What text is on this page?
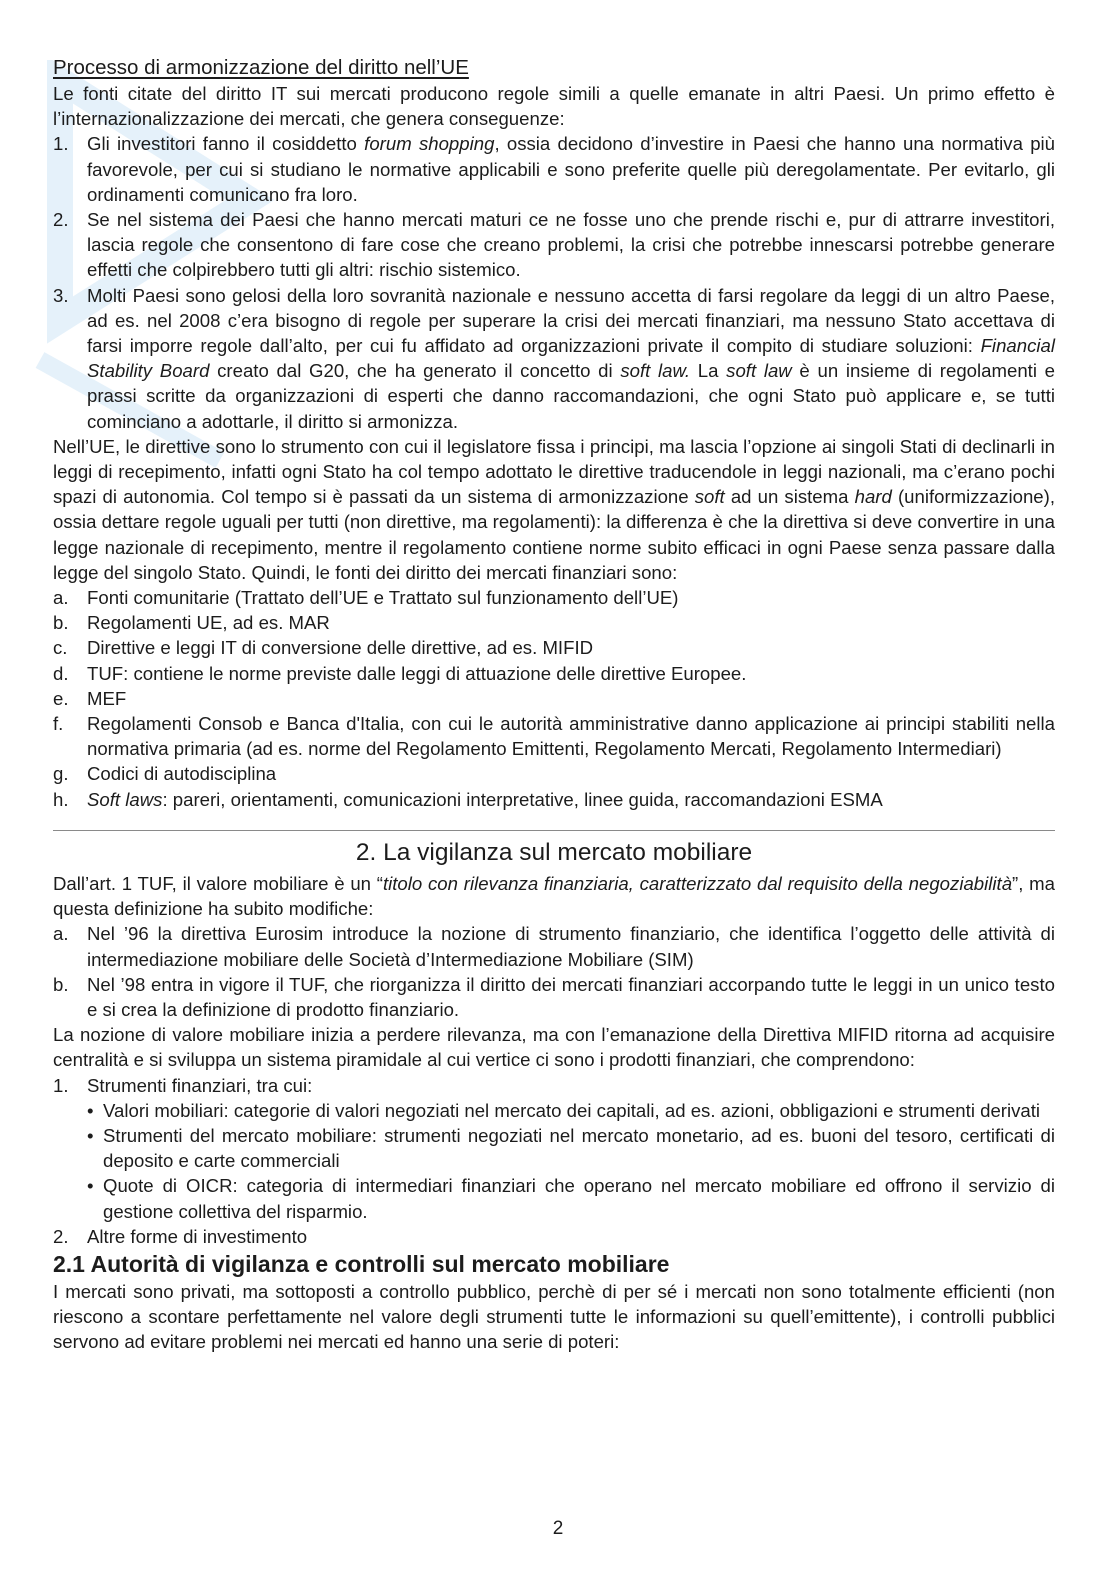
Processo di armonizzazione del diritto nell’UE

Le fonti citate del diritto IT sui mercati producono regole simili a quelle emanate in altri Paesi. Un primo effetto è l’internazionalizzazione dei mercati, che genera conseguenze:

1. Gli investitori fanno il cosiddetto forum shopping, ossia decidono d’investire in Paesi che hanno una normativa più favorevole, per cui si studiano le normative applicabili e sono preferite quelle più deregolamentate. Per evitarlo, gli ordinamenti comunicano fra loro.
2. Se nel sistema dei Paesi che hanno mercati maturi ce ne fosse uno che prende rischi e, pur di attrarre investitori, lascia regole che consentono di fare cose che creano problemi, la crisi che potrebbe innescarsi potrebbe generare effetti che colpirebbero tutti gli altri: rischio sistemico.
3. Molti Paesi sono gelosi della loro sovranità nazionale e nessuno accetta di farsi regolare da leggi di un altro Paese, ad es. nel 2008 c’era bisogno di regole per superare la crisi dei mercati finanziari, ma nessuno Stato accettava di farsi imporre regole dall’alto, per cui fu affidato ad organizzazioni private il compito di studiare soluzioni: Financial Stability Board creato dal G20, che ha generato il concetto di soft law. La soft law è un insieme di regolamenti e prassi scritte da organizzazioni di esperti che danno raccomandazioni, che ogni Stato può applicare e, se tutti cominciano a adottarle, il diritto si armonizza.

Nell’UE, le direttive sono lo strumento con cui il legislatore fissa i principi, ma lascia l’opzione ai singoli Stati di declinarli in leggi di recepimento, infatti ogni Stato ha col tempo adottato le direttive traducendole in leggi nazionali, ma c’erano pochi spazi di autonomia. Col tempo si è passati da un sistema di armonizzazione soft ad un sistema hard (uniformizzazione), ossia dettare regole uguali per tutti (non direttive, ma regolamenti): la differenza è che la direttiva si deve convertire in una legge nazionale di recepimento, mentre il regolamento contiene norme subito efficaci in ogni Paese senza passare dalla legge del singolo Stato. Quindi, le fonti dei diritto dei mercati finanziari sono:

a. Fonti comunitarie (Trattato dell’UE e Trattato sul funzionamento dell’UE)
b. Regolamenti UE, ad es. MAR
c. Direttive e leggi IT di conversione delle direttive, ad es. MIFID
d. TUF: contiene le norme previste dalle leggi di attuazione delle direttive Europee.
e. MEF
f. Regolamenti Consob e Banca d'Italia, con cui le autorità amministrative danno applicazione ai principi stabiliti nella normativa primaria (ad es. norme del Regolamento Emittenti, Regolamento Mercati, Regolamento Intermediari)
g. Codici di autodisciplina
h. Soft laws: pareri, orientamenti, comunicazioni interpretative, linee guida, raccomandazioni ESMA
2. La vigilanza sul mercato mobiliare

Dall’art. 1 TUF, il valore mobiliare è un “titolo con rilevanza finanziaria, caratterizzato dal requisito della negoziabilità”, ma questa definizione ha subito modifiche:

a. Nel ’96 la direttiva Eurosim introduce la nozione di strumento finanziario, che identifica l’oggetto delle attività di intermediazione mobiliare delle Società d’Intermediazione Mobiliare (SIM)
b. Nel ’98 entra in vigore il TUF, che riorganizza il diritto dei mercati finanziari accorpando tutte le leggi in un unico testo e si crea la definizione di prodotto finanziario.

La nozione di valore mobiliare inizia a perdere rilevanza, ma con l’emanazione della Direttiva MIFID ritorna ad acquisire centralità e si sviluppa un sistema piramidale al cui vertice ci sono i prodotti finanziari, che comprendono:

1. Strumenti finanziari, tra cui:
• Valori mobiliari: categorie di valori negoziati nel mercato dei capitali, ad es. azioni, obbligazioni e strumenti derivati
• Strumenti del mercato mobiliare: strumenti negoziati nel mercato monetario, ad es. buoni del tesoro, certificati di deposito e carte commerciali
• Quote di OICR: categoria di intermediari finanziari che operano nel mercato mobiliare ed offrono il servizio di gestione collettiva del risparmio.
2. Altre forme di investimento
2.1 Autorità di vigilanza e controlli sul mercato mobiliare

I mercati sono privati, ma sottoposti a controllo pubblico, perchè di per sé i mercati non sono totalmente efficienti (non riescono a scontare perfettamente nel valore degli strumenti tutte le informazioni su quell’emittente), i controlli pubblici servono ad evitare problemi nei mercati ed hanno una serie di poteri:

2
